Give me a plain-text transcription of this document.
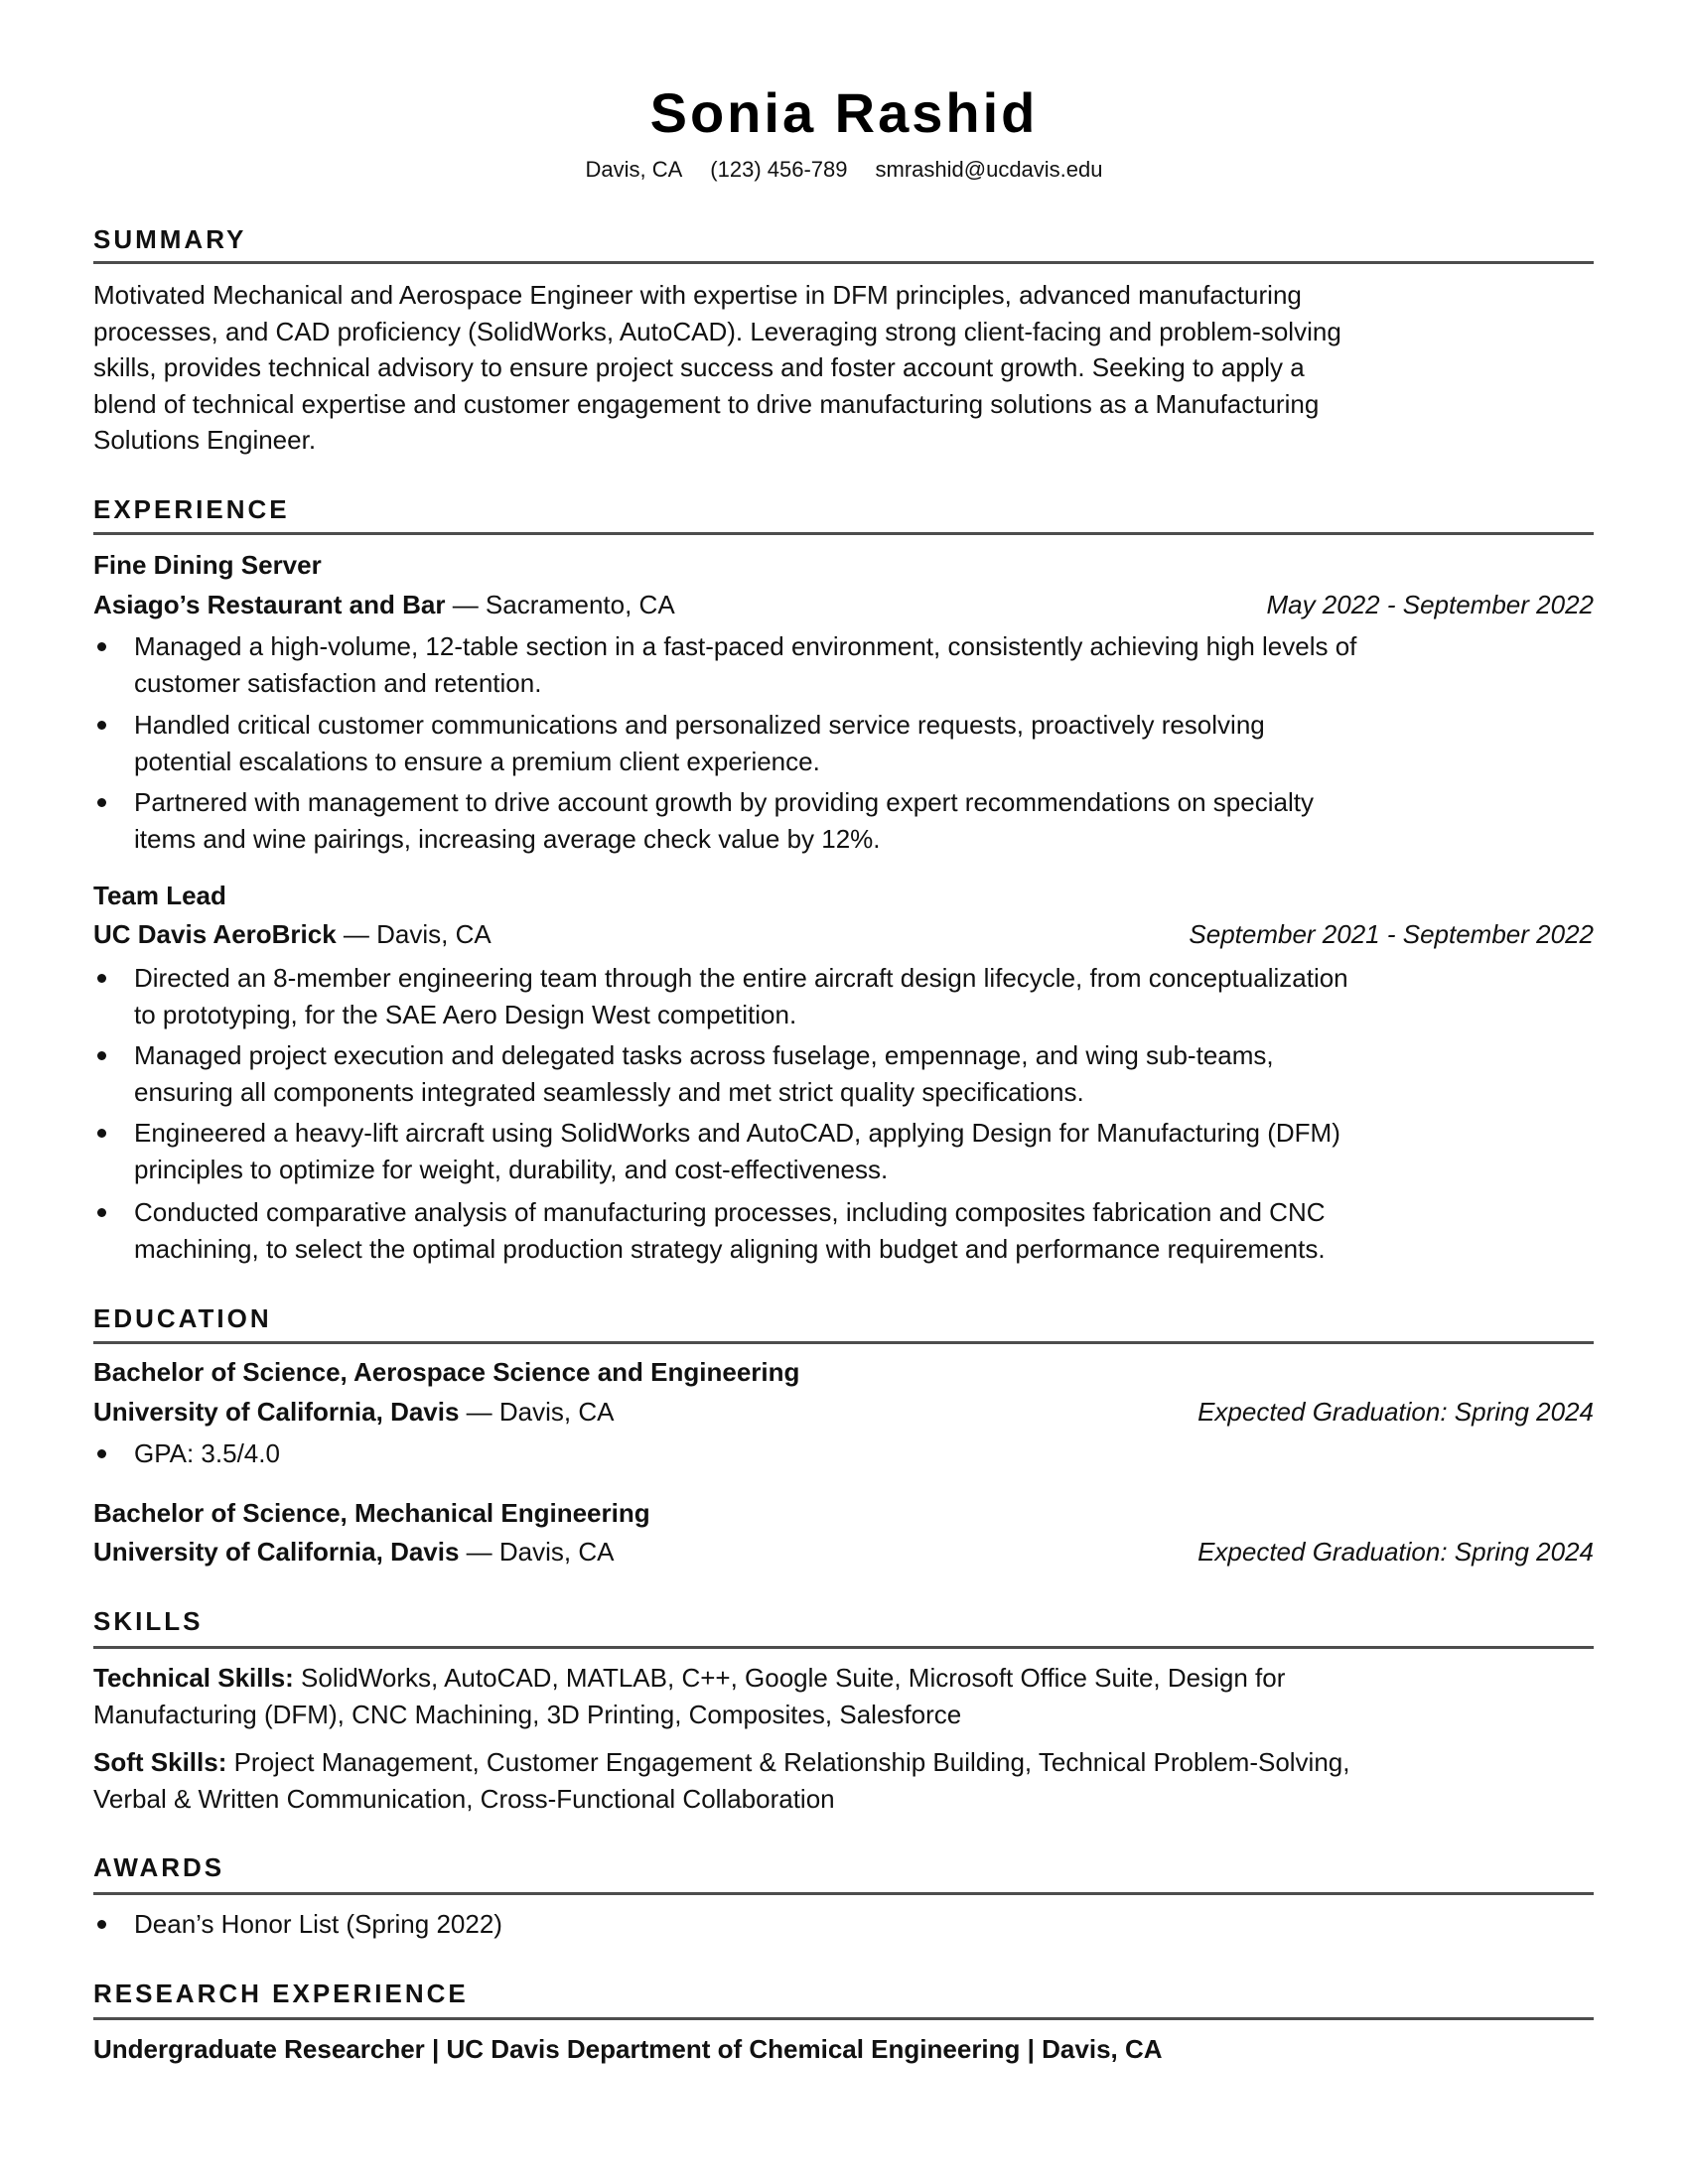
Sonia Rashid
Davis, CA (123) 456-789 smrashid@ucdavis.edu
SUMMARY
Motivated Mechanical and Aerospace Engineer with expertise in DFM principles, advanced manufacturing
processes, and CAD proficiency (SolidWorks, AutoCAD). Leveraging strong client-facing and problem-solving
skills, provides technical advisory to ensure project success and foster account growth. Seeking to apply a
blend of technical expertise and customer engagement to drive manufacturing solutions as a Manufacturing
Solutions Engineer.
EXPERIENCE
Fine Dining Server
Asiago’s Restaurant and Bar — Sacramento, CA	May 2022 - September 2022
Managed a high-volume, 12-table section in a fast-paced environment, consistently achieving high levels of
customer satisfaction and retention.
Handled critical customer communications and personalized service requests, proactively resolving
potential escalations to ensure a premium client experience.
Partnered with management to drive account growth by providing expert recommendations on specialty
items and wine pairings, increasing average check value by 12%.
Team Lead
UC Davis AeroBrick — Davis, CA	September 2021 - September 2022
Directed an 8-member engineering team through the entire aircraft design lifecycle, from conceptualization
to prototyping, for the SAE Aero Design West competition.
Managed project execution and delegated tasks across fuselage, empennage, and wing sub-teams,
ensuring all components integrated seamlessly and met strict quality specifications.
Engineered a heavy-lift aircraft using SolidWorks and AutoCAD, applying Design for Manufacturing (DFM)
principles to optimize for weight, durability, and cost-effectiveness.
Conducted comparative analysis of manufacturing processes, including composites fabrication and CNC
machining, to select the optimal production strategy aligning with budget and performance requirements.
EDUCATION
Bachelor of Science, Aerospace Science and Engineering
University of California, Davis — Davis, CA	Expected Graduation: Spring 2024
GPA: 3.5/4.0
Bachelor of Science, Mechanical Engineering
University of California, Davis — Davis, CA	Expected Graduation: Spring 2024
SKILLS
Technical Skills: SolidWorks, AutoCAD, MATLAB, C++, Google Suite, Microsoft Office Suite, Design for
Manufacturing (DFM), CNC Machining, 3D Printing, Composites, Salesforce
Soft Skills: Project Management, Customer Engagement & Relationship Building, Technical Problem-Solving,
Verbal & Written Communication, Cross-Functional Collaboration
AWARDS
Dean’s Honor List (Spring 2022)
RESEARCH EXPERIENCE
Undergraduate Researcher | UC Davis Department of Chemical Engineering | Davis, CA
